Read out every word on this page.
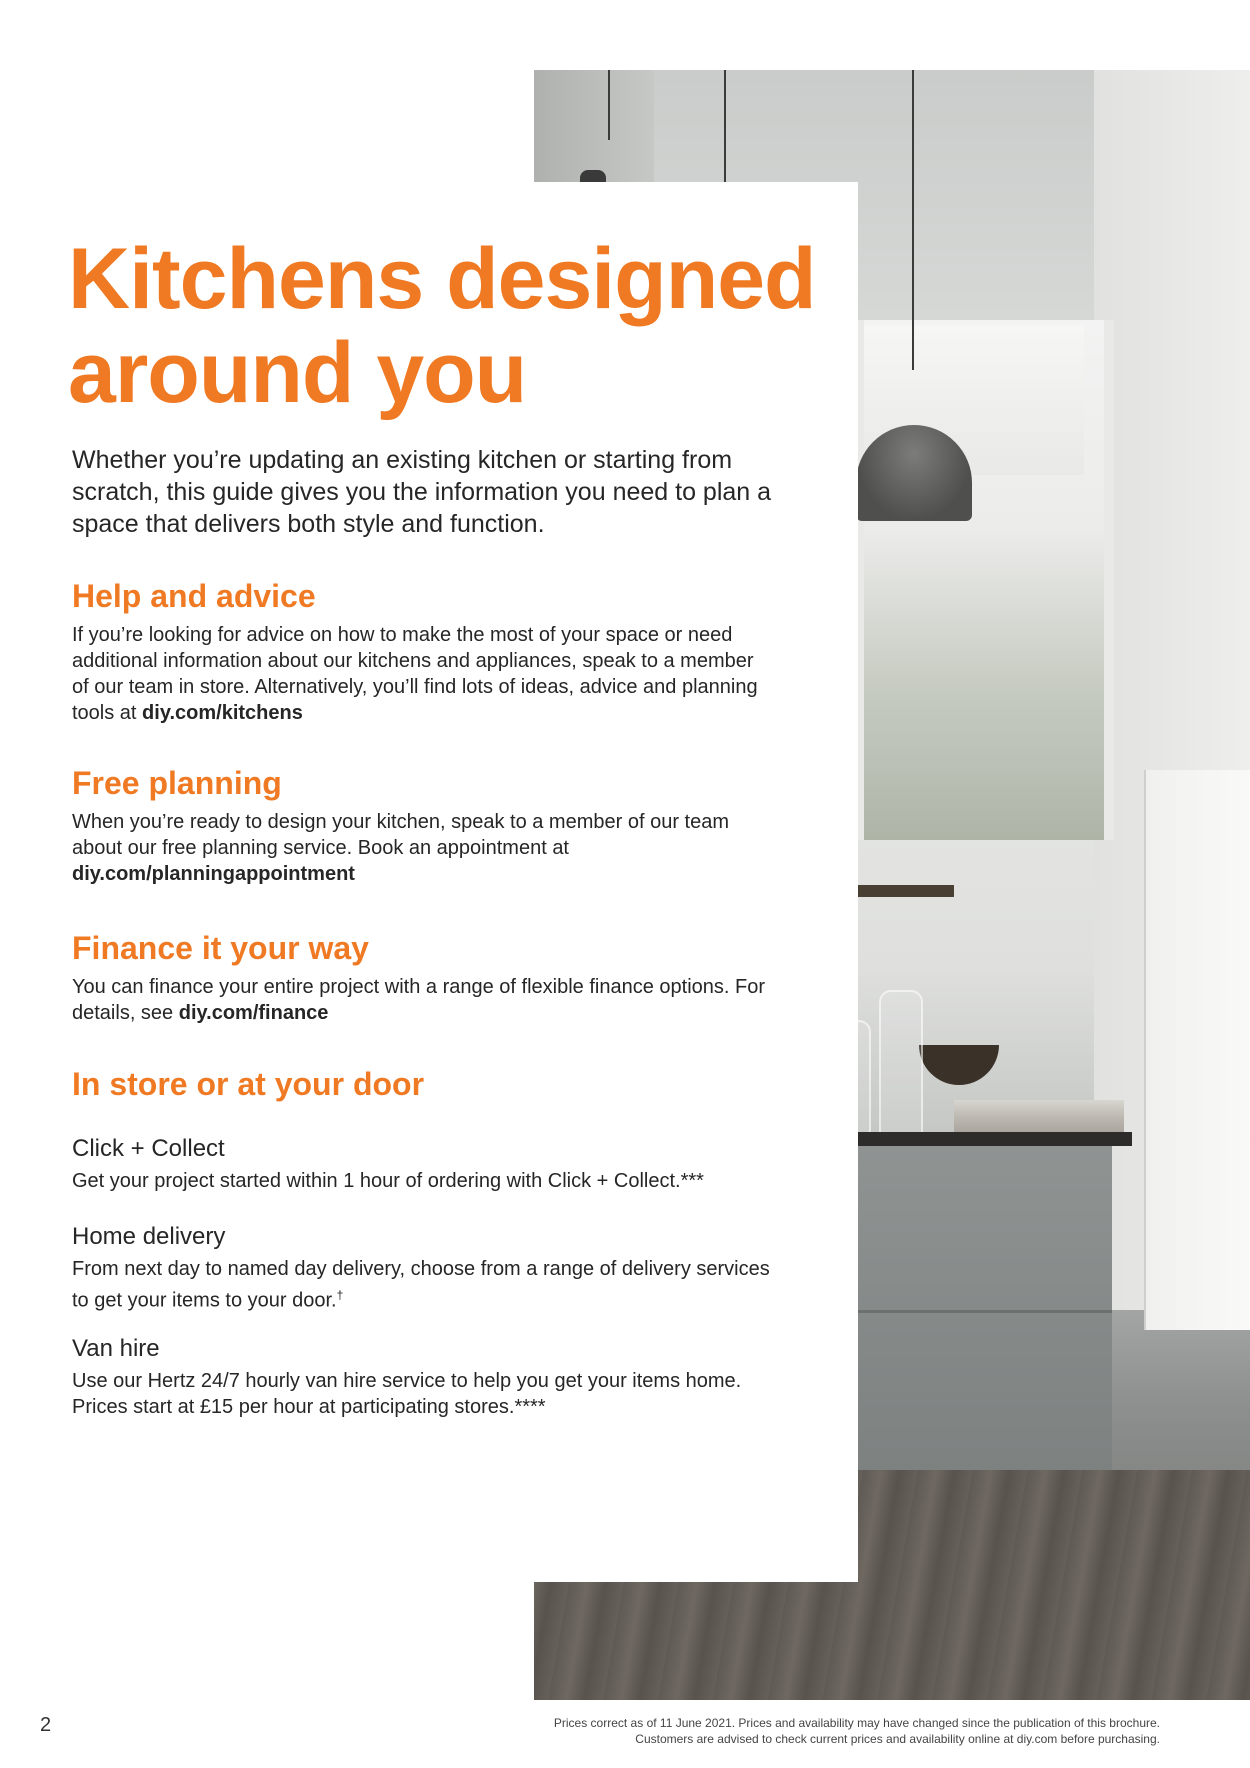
Kitchens designed around you

Whether you’re updating an existing kitchen or starting from scratch, this guide gives you the information you need to plan a space that delivers both style and function.

Help and advice

If you’re looking for advice on how to make the most of your space or need additional information about our kitchens and appliances, speak to a member of our team in store. Alternatively, you’ll find lots of ideas, advice and planning tools at diy.com/kitchens

Free planning

When you’re ready to design your kitchen, speak to a member of our team about our free planning service. Book an appointment at diy.com/planningappointment

Finance it your way

You can finance your entire project with a range of flexible finance options. For details, see diy.com/finance

In store or at your door
Click + Collect

Get your project started within 1 hour of ordering with Click + Collect.***

Home delivery

From next day to named day delivery, choose from a range of delivery services to get your items to your door.†

Van hire

Use our Hertz 24/7 hourly van hire service to help you get your items home. Prices start at £15 per hour at participating stores.****

2	Prices correct as of 11 June 2021. Prices and availability may have changed since the publication of this brochure.
Customers are advised to check current prices and availability online at diy.com before purchasing.
